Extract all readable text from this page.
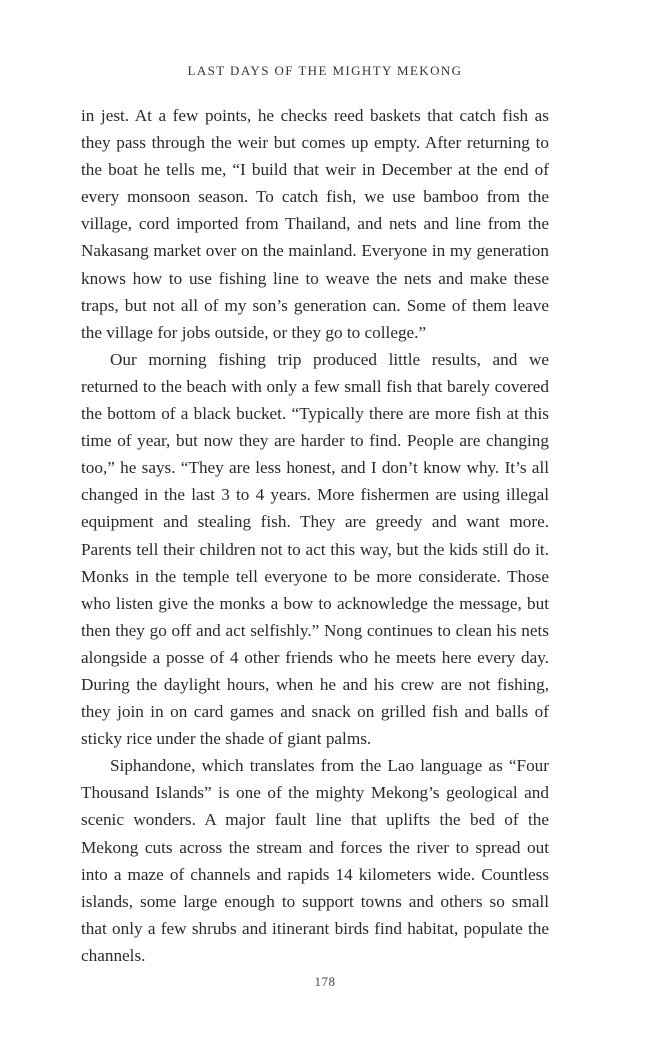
LAST DAYS OF THE MIGHTY MEKONG

in jest. At a few points, he checks reed baskets that catch fish as they pass through the weir but comes up empty. After returning to the boat he tells me, “I build that weir in December at the end of every monsoon season. To catch fish, we use bamboo from the village, cord imported from Thailand, and nets and line from the Nakasang market over on the mainland. Everyone in my generation knows how to use fishing line to weave the nets and make these traps, but not all of my son’s generation can. Some of them leave the village for jobs outside, or they go to college.”

Our morning fishing trip produced little results, and we returned to the beach with only a few small fish that barely covered the bottom of a black bucket. “Typically there are more fish at this time of year, but now they are harder to find. People are changing too,” he says. “They are less honest, and I don’t know why. It’s all changed in the last 3 to 4 years. More fishermen are using illegal equipment and stealing fish. They are greedy and want more. Parents tell their children not to act this way, but the kids still do it. Monks in the temple tell everyone to be more considerate. Those who listen give the monks a bow to acknowledge the message, but then they go off and act selfishly.” Nong continues to clean his nets alongside a posse of 4 other friends who he meets here every day. During the daylight hours, when he and his crew are not fishing, they join in on card games and snack on grilled fish and balls of sticky rice under the shade of giant palms.

Siphandone, which translates from the Lao language as “Four Thousand Islands” is one of the mighty Mekong’s geological and scenic wonders. A major fault line that uplifts the bed of the Mekong cuts across the stream and forces the river to spread out into a maze of channels and rapids 14 kilometers wide. Countless islands, some large enough to support towns and others so small that only a few shrubs and itinerant birds find habitat, populate the channels.

178
